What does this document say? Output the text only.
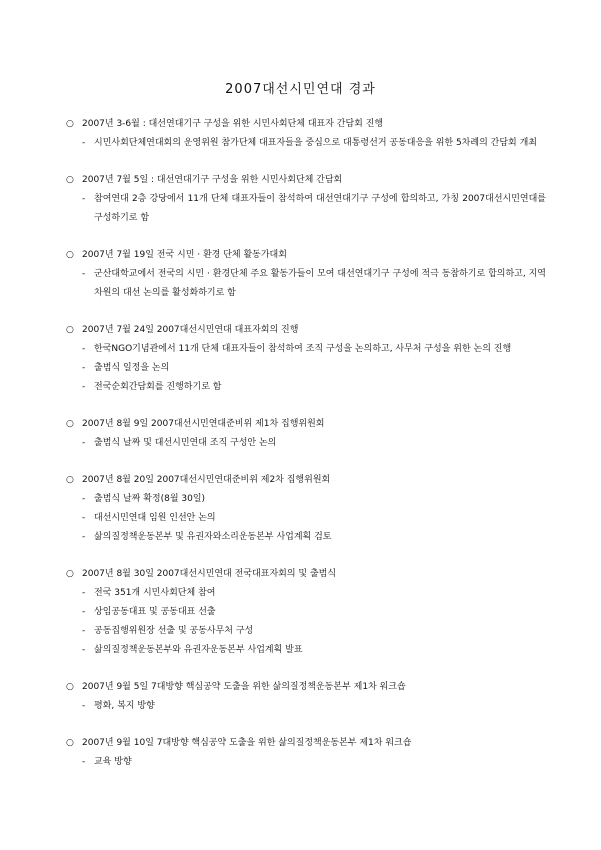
2007대선시민연대 경과
○ 2007년 3-6월 : 대선연대기구 구성을 위한 시민사회단체 대표자 간담회 진행
- 시민사회단체연대회의 운영위원 참가단체 대표자들을 중심으로 대통령선거 공동대응을 위한 5차례의 간담회 개최
○ 2007년 7월 5일 : 대선연대기구 구성을 위한 시민사회단체 간담회
- 참여연대 2층 강당에서 11개 단체 대표자들이 참석하여 대선연대기구 구성에 합의하고, 가칭 2007대선시민연대를 구성하기로 함
○ 2007년 7월 19일 전국 시민 · 환경 단체 활동가대회
- 군산대학교에서 전국의 시민 · 환경단체 주요 활동가들이 모여 대선연대기구 구성에 적극 동참하기로 합의하고, 지역차원의 대선 논의를 활성화하기로 함
○ 2007년 7월 24일 2007대선시민연대 대표자회의 진행
- 한국NGO기념관에서 11개 단체 대표자들이 참석하여 조직 구성을 논의하고, 사무처 구성을 위한 논의 진행
- 출범식 일정을 논의
- 전국순회간담회를 진행하기로 함
○ 2007년 8월 9일 2007대선시민연대준비위 제1차 집행위원회
- 출범식 날짜 및 대선시민연대 조직 구성안 논의
○ 2007년 8월 20일 2007대선시민연대준비위 제2차 집행위원회
- 출범식 날짜 확정(8월 30일)
- 대선시민연대 임원 인선안 논의
- 삶의질정책운동본부 및 유권자와소리운동본부 사업계획 검토
○ 2007년 8월 30일 2007대선시민연대 전국대표자회의 및 출범식
- 전국 351개 시민사회단체 참여
- 상임공동대표 및 공동대표 선출
- 공동집행위원장 선출 및 공동사무처 구성
- 삶의질정책운동본부와 유권자운동본부 사업계획 발표
○ 2007년 9월 5일 7대방향 핵심공약 도출을 위한 삶의질정책운동본부 제1차 워크숍
- 평화, 복지 방향
○ 2007년 9월 10일 7대방향 핵심공약 도출을 위한 삶의질정책운동본부 제1차 워크숍
- 교육 방향
